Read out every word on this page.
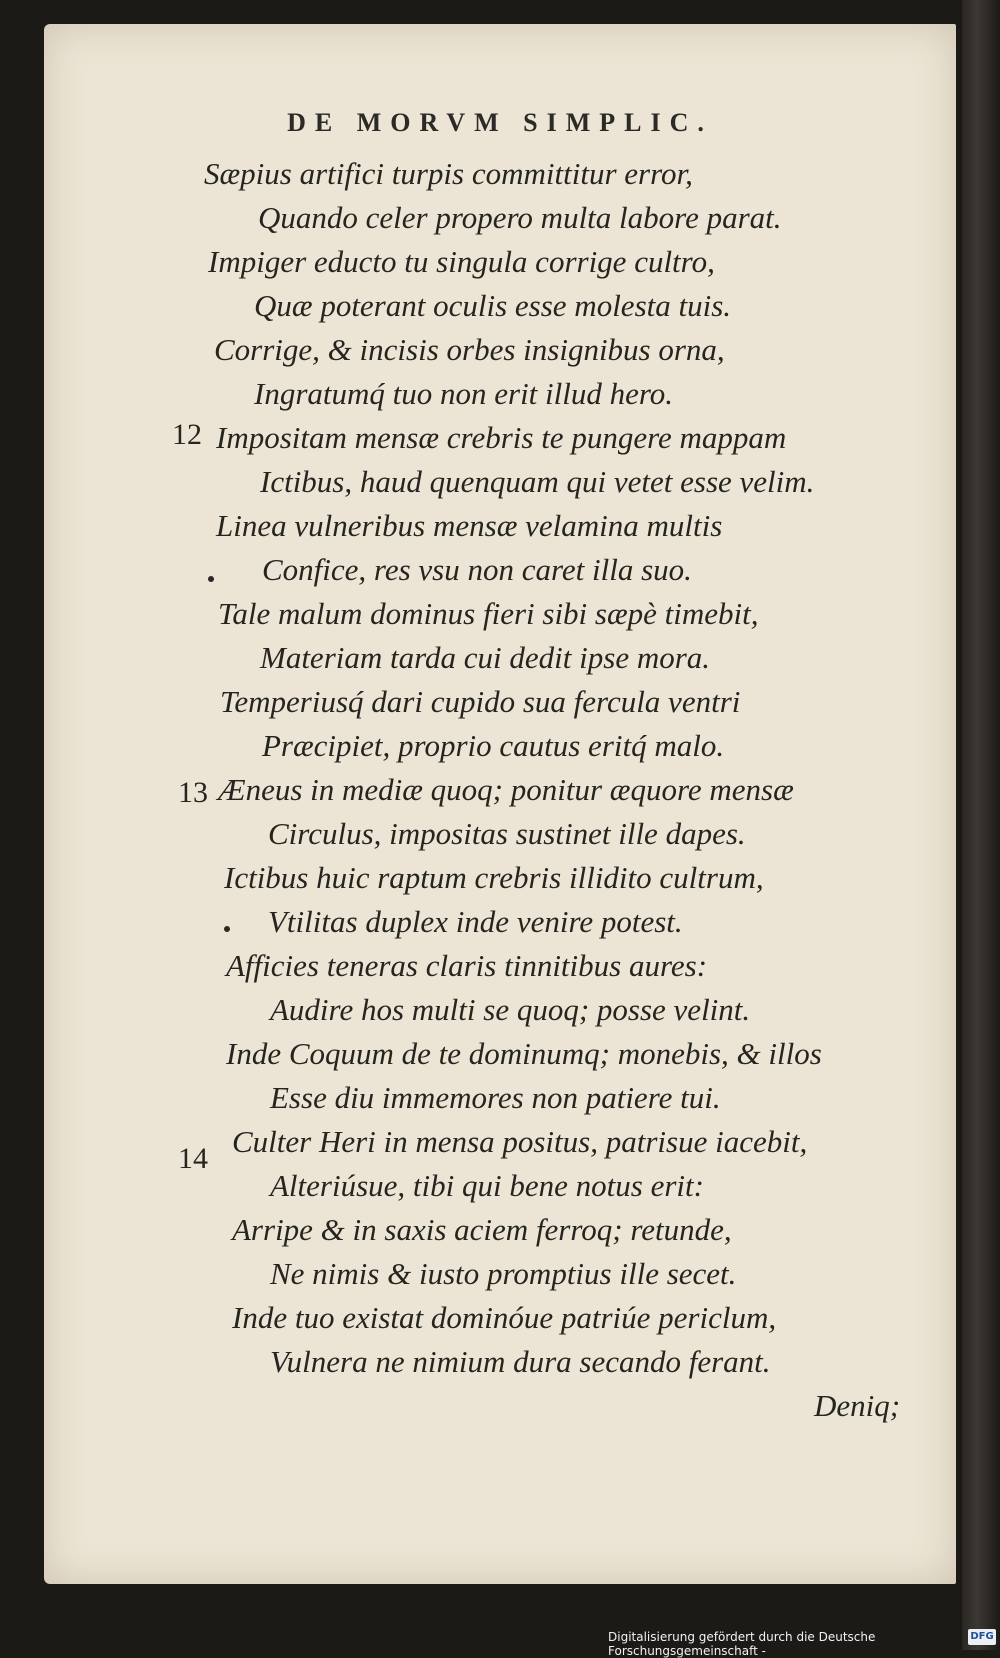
DE MORVM SIMPLIC.
Sæpius artifici turpis committitur error,
Quando celer propero multa labore parat.
Impiger educto tu singula corrige cultro,
Quæ poterant oculis esse molesta tuis.
Corrige, & incisis orbes insignibus orna,
Ingratumq́ tuo non erit illud hero.
12 Impositam mensæ crebris te pungere mappam
Ictibus, haud quenquam qui vetet esse velim.
Linea vulneribus mensæ velamina multis
Confice, res vsu non caret illa suo.
Tale malum dominus fieri sibi sæpè timebit,
Materiam tarda cui dedit ipse mora.
Temperiusq́ dari cupido sua fercula ventri
Præcipiet, proprio cautus eritq́ malo.
13 Æneus in mediæ quoq; ponitur æquore mensæ
Circulus, impositas sustinet ille dapes.
Ictibus huic raptum crebris illidito cultrum,
Vtilitas duplex inde venire potest.
Afficies teneras claris tinnitibus aures:
Audire hos multi se quoq; posse velint.
Inde Coquum de te dominumq; monebis, & illos
Esse diu immemores non patiere tui.
14 Culter Heri in mensa positus, patrisue iacebit,
Alteriúsue, tibi qui bene notus erit:
Arripe & in saxis aciem ferroq; retunde,
Ne nimis & iusto promptius ille secet.
Inde tuo existat dominóue patriúe periclum,
Vulnera ne nimium dura secando ferant.
Deniq;
Digitalisierung gefördert durch die Deutsche Forschungsgemeinschaft -
DFG
